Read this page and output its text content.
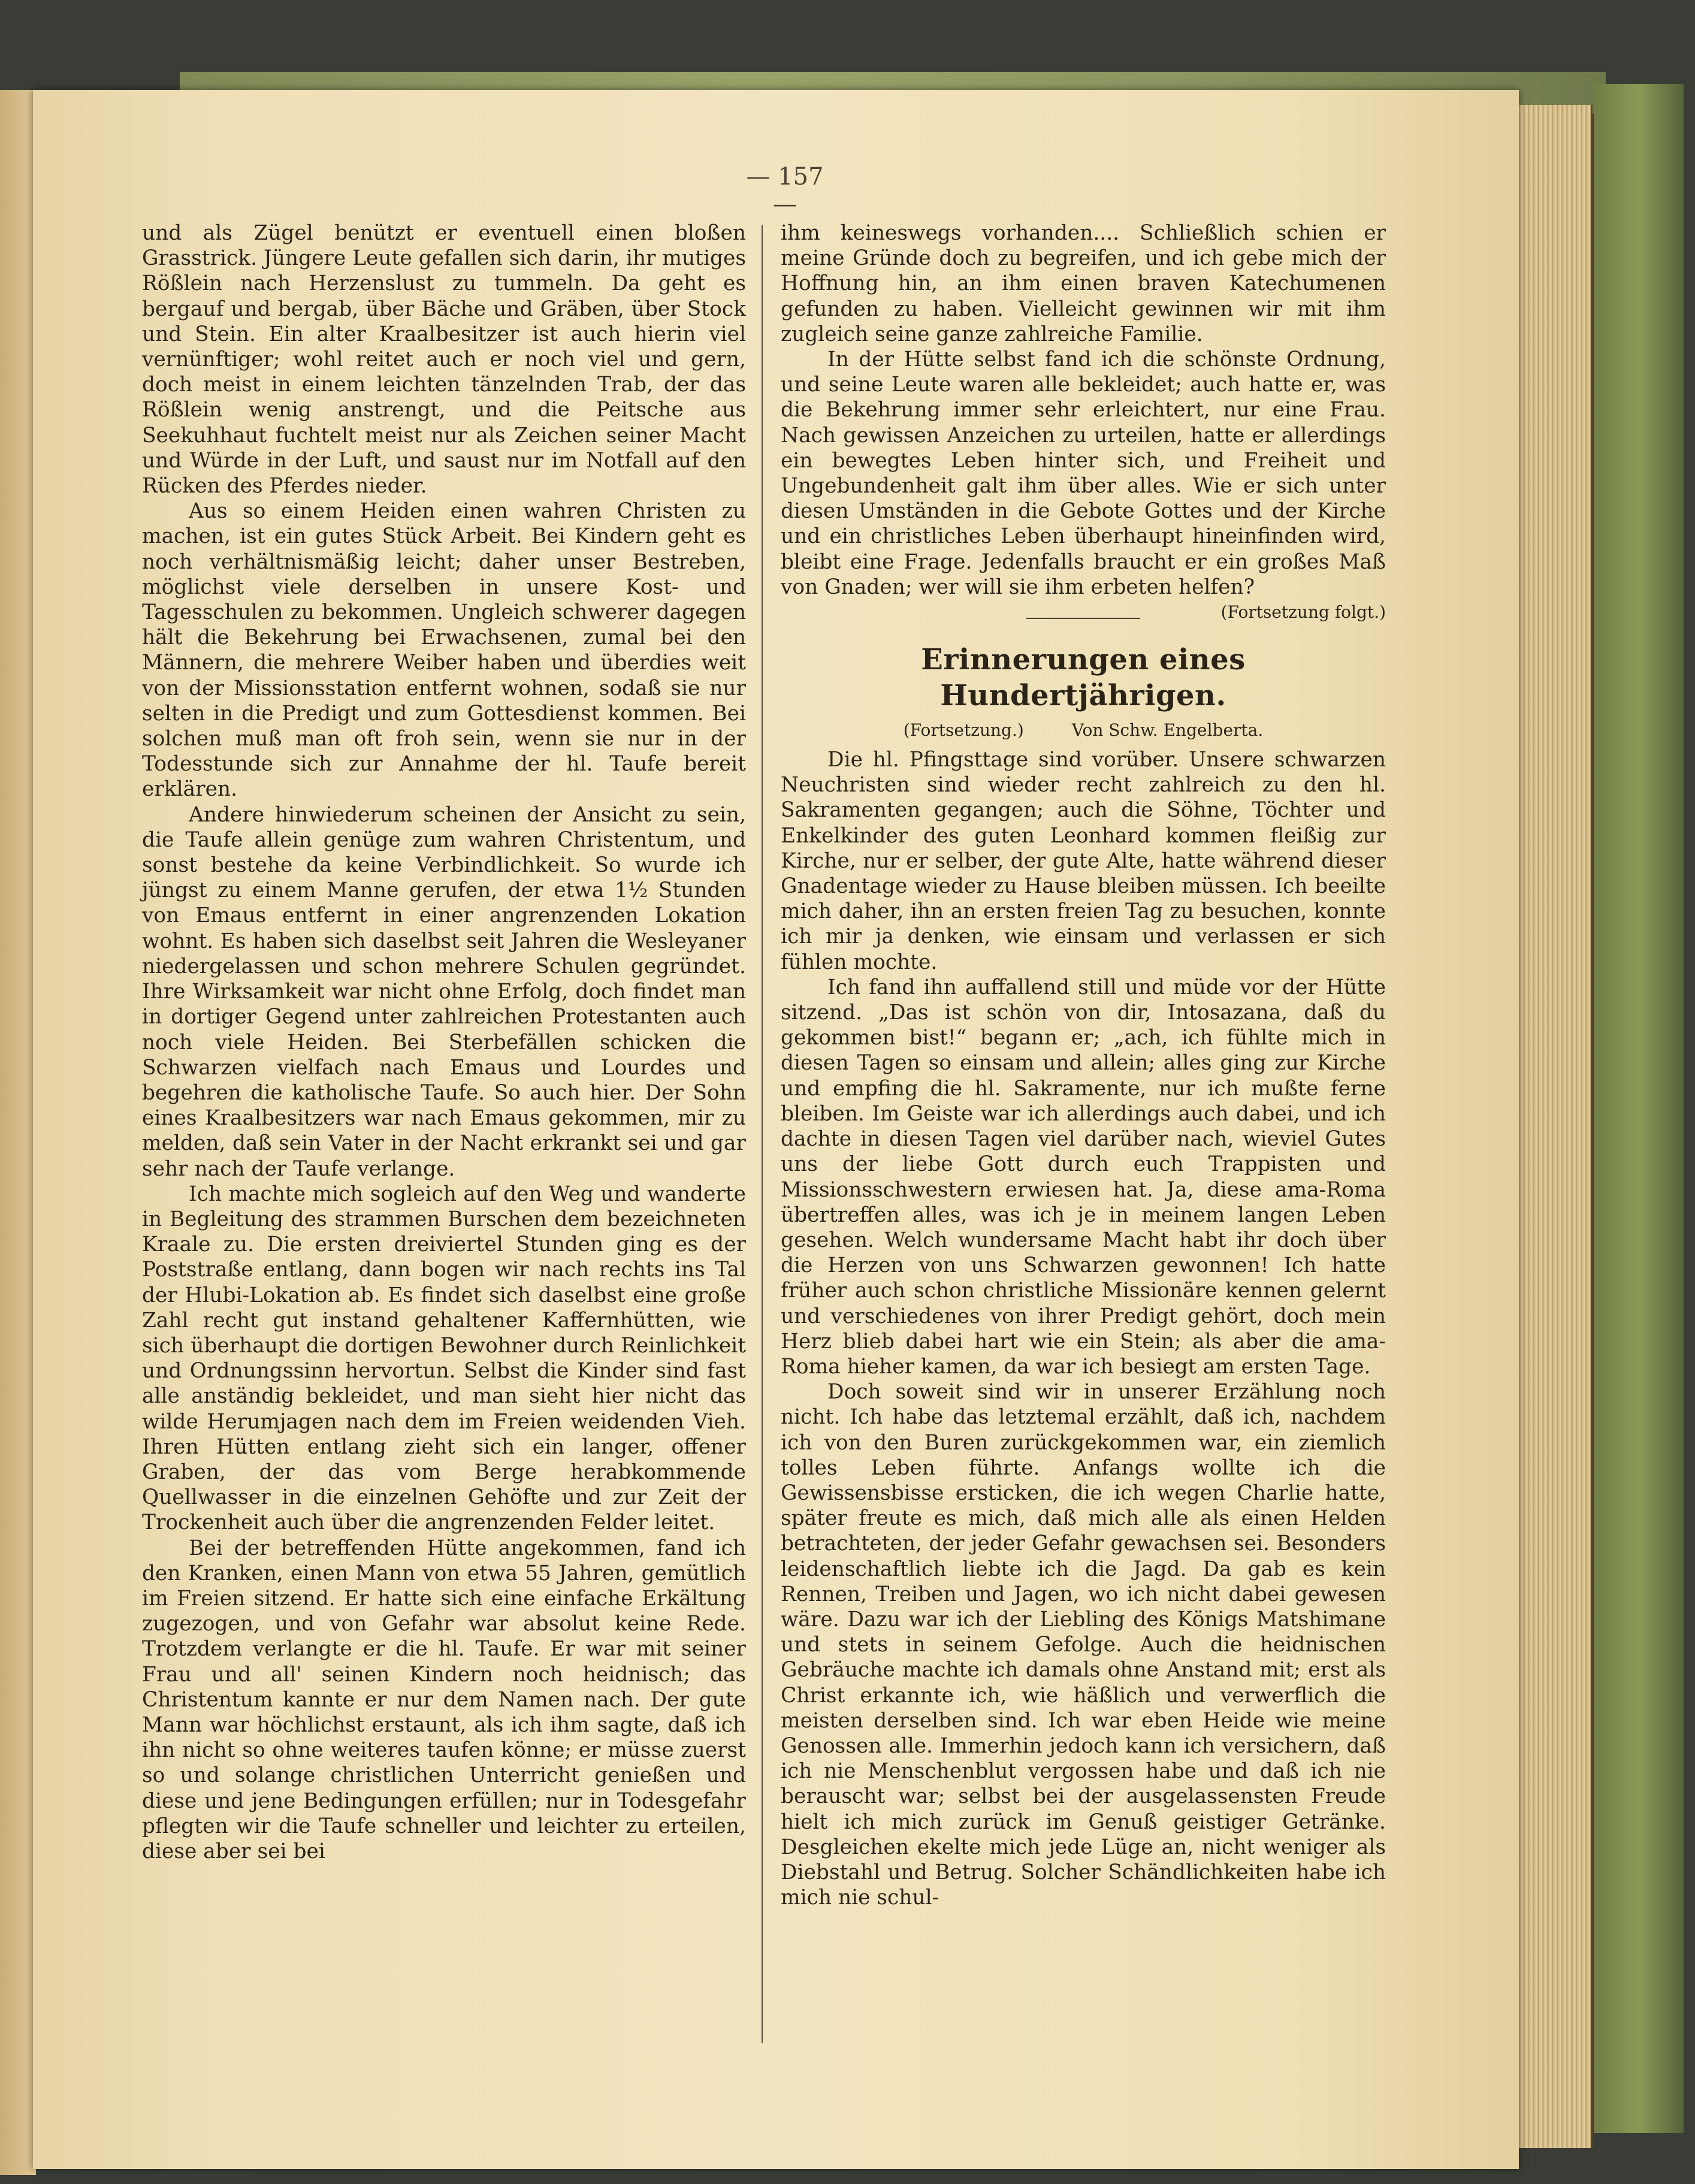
— 157 —

und als Zügel benützt er eventuell einen bloßen Grasstrick. Jüngere Leute gefallen sich darin, ihr mutiges Rößlein nach Herzenslust zu tummeln. Da geht es bergauf und bergab, über Bäche und Gräben, über Stock und Stein. Ein alter Kraalbesitzer ist auch hierin viel vernünftiger; wohl reitet auch er noch viel und gern, doch meist in einem leichten tänzelnden Trab, der das Rößlein wenig anstrengt, und die Peitsche aus Seekuhhaut fuchtelt meist nur als Zeichen seiner Macht und Würde in der Luft, und saust nur im Notfall auf den Rücken des Pferdes nieder.

Aus so einem Heiden einen wahren Christen zu machen, ist ein gutes Stück Arbeit. Bei Kindern geht es noch verhältnismäßig leicht; daher unser Bestreben, möglichst viele derselben in unsere Kost- und Tagesschulen zu bekommen. Ungleich schwerer dagegen hält die Bekehrung bei Erwachsenen, zumal bei den Männern, die mehrere Weiber haben und überdies weit von der Missionsstation entfernt wohnen, sodaß sie nur selten in die Predigt und zum Gottesdienst kommen. Bei solchen muß man oft froh sein, wenn sie nur in der Todesstunde sich zur Annahme der hl. Taufe bereit erklären.

Andere hinwiederum scheinen der Ansicht zu sein, die Taufe allein genüge zum wahren Christentum, und sonst bestehe da keine Verbindlichkeit. So wurde ich jüngst zu einem Manne gerufen, der etwa 1½ Stunden von Emaus entfernt in einer angrenzenden Lokation wohnt. Es haben sich daselbst seit Jahren die Wesleyaner niedergelassen und schon mehrere Schulen gegründet. Ihre Wirksamkeit war nicht ohne Erfolg, doch findet man in dortiger Gegend unter zahlreichen Protestanten auch noch viele Heiden. Bei Sterbefällen schicken die Schwarzen vielfach nach Emaus und Lourdes und begehren die katholische Taufe. So auch hier. Der Sohn eines Kraalbesitzers war nach Emaus gekommen, mir zu melden, daß sein Vater in der Nacht erkrankt sei und gar sehr nach der Taufe verlange.

Ich machte mich sogleich auf den Weg und wanderte in Begleitung des strammen Burschen dem bezeichneten Kraale zu. Die ersten dreiviertel Stunden ging es der Poststraße entlang, dann bogen wir nach rechts ins Tal der Hlubi-Lokation ab. Es findet sich daselbst eine große Zahl recht gut instand gehaltener Kaffernhütten, wie sich überhaupt die dortigen Bewohner durch Reinlichkeit und Ordnungssinn hervortun. Selbst die Kinder sind fast alle anständig bekleidet, und man sieht hier nicht das wilde Herumjagen nach dem im Freien weidenden Vieh. Ihren Hütten entlang zieht sich ein langer, offener Graben, der das vom Berge herabkommende Quellwasser in die einzelnen Gehöfte und zur Zeit der Trockenheit auch über die angrenzenden Felder leitet.

Bei der betreffenden Hütte angekommen, fand ich den Kranken, einen Mann von etwa 55 Jahren, gemütlich im Freien sitzend. Er hatte sich eine einfache Erkältung zugezogen, und von Gefahr war absolut keine Rede. Trotzdem verlangte er die hl. Taufe. Er war mit seiner Frau und all' seinen Kindern noch heidnisch; das Christentum kannte er nur dem Namen nach. Der gute Mann war höchlichst erstaunt, als ich ihm sagte, daß ich ihn nicht so ohne weiteres taufen könne; er müsse zuerst so und solange christlichen Unterricht genießen und diese und jene Bedingungen erfüllen; nur in Todesgefahr pflegten wir die Taufe schneller und leichter zu erteilen, diese aber sei bei

ihm keineswegs vorhanden.... Schließlich schien er meine Gründe doch zu begreifen, und ich gebe mich der Hoffnung hin, an ihm einen braven Katechumenen gefunden zu haben. Vielleicht gewinnen wir mit ihm zugleich seine ganze zahlreiche Familie.

In der Hütte selbst fand ich die schönste Ordnung, und seine Leute waren alle bekleidet; auch hatte er, was die Bekehrung immer sehr erleichtert, nur eine Frau. Nach gewissen Anzeichen zu urteilen, hatte er allerdings ein bewegtes Leben hinter sich, und Freiheit und Ungebundenheit galt ihm über alles. Wie er sich unter diesen Umständen in die Gebote Gottes und der Kirche und ein christliches Leben überhaupt hineinfinden wird, bleibt eine Frage. Jedenfalls braucht er ein großes Maß von Gnaden; wer will sie ihm erbeten helfen?
(Fortsetzung folgt.)

Erinnerungen eines Hundertjährigen.
(Fortsetzung.)	Von Schw. Engelberta.

Die hl. Pfingsttage sind vorüber. Unsere schwarzen Neuchristen sind wieder recht zahlreich zu den hl. Sakramenten gegangen; auch die Söhne, Töchter und Enkelkinder des guten Leonhard kommen fleißig zur Kirche, nur er selber, der gute Alte, hatte während dieser Gnadentage wieder zu Hause bleiben müssen. Ich beeilte mich daher, ihn an ersten freien Tag zu besuchen, konnte ich mir ja denken, wie einsam und verlassen er sich fühlen mochte.

Ich fand ihn auffallend still und müde vor der Hütte sitzend. „Das ist schön von dir, Intosazana, daß du gekommen bist!“ begann er; „ach, ich fühlte mich in diesen Tagen so einsam und allein; alles ging zur Kirche und empfing die hl. Sakramente, nur ich mußte ferne bleiben. Im Geiste war ich allerdings auch dabei, und ich dachte in diesen Tagen viel darüber nach, wieviel Gutes uns der liebe Gott durch euch Trappisten und Missionsschwestern erwiesen hat. Ja, diese ama-Roma übertreffen alles, was ich je in meinem langen Leben gesehen. Welch wundersame Macht habt ihr doch über die Herzen von uns Schwarzen gewonnen! Ich hatte früher auch schon christliche Missionäre kennen gelernt und verschiedenes von ihrer Predigt gehört, doch mein Herz blieb dabei hart wie ein Stein; als aber die ama-Roma hieher kamen, da war ich besiegt am ersten Tage.

Doch soweit sind wir in unserer Erzählung noch nicht. Ich habe das letztemal erzählt, daß ich, nachdem ich von den Buren zurückgekommen war, ein ziemlich tolles Leben führte. Anfangs wollte ich die Gewissensbisse ersticken, die ich wegen Charlie hatte, später freute es mich, daß mich alle als einen Helden betrachteten, der jeder Gefahr gewachsen sei. Besonders leidenschaftlich liebte ich die Jagd. Da gab es kein Rennen, Treiben und Jagen, wo ich nicht dabei gewesen wäre. Dazu war ich der Liebling des Königs Matshimane und stets in seinem Gefolge. Auch die heidnischen Gebräuche machte ich damals ohne Anstand mit; erst als Christ erkannte ich, wie häßlich und verwerflich die meisten derselben sind. Ich war eben Heide wie meine Genossen alle. Immerhin jedoch kann ich versichern, daß ich nie Menschenblut vergossen habe und daß ich nie berauscht war; selbst bei der ausgelassensten Freude hielt ich mich zurück im Genuß geistiger Getränke. Desgleichen ekelte mich jede Lüge an, nicht weniger als Diebstahl und Betrug. Solcher Schändlichkeiten habe ich mich nie schul-
